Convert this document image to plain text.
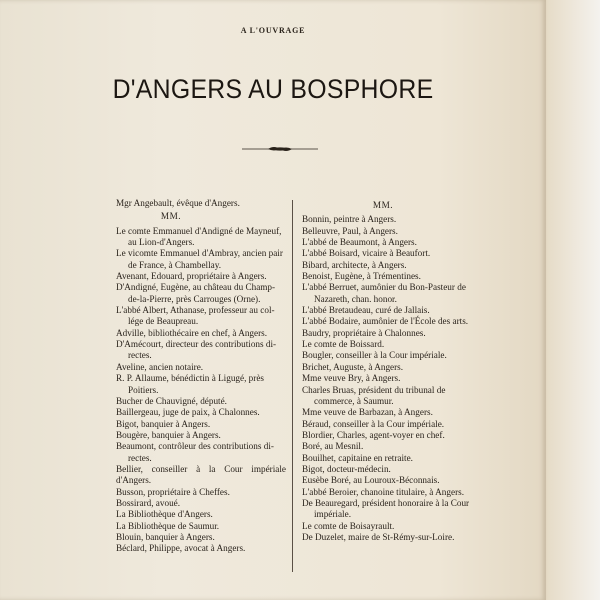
A L'OUVRAGE
D'ANGERS AU BOSPHORE
Mgr Angebault, évêque d'Angers.
MM.
Le comte Emmanuel d'Andigné de Mayneuf,
au Lion-d'Angers.
Le vicomte Emmanuel d'Ambray, ancien pair
de France, à Chambellay.
Avenant, Edouard, propriétaire à Angers.
D'Andigné, Eugène, au château du Champ-
de-la-Pierre, près Carrouges (Orne).
L'abbé Albert, Athanase, professeur au col-
lége de Beaupreau.
Adville, bibliothécaire en chef, à Angers.
D'Amécourt, directeur des contributions di-
rectes.
Aveline, ancien notaire.
R. P. Allaume, bénédictin à Ligugé, près
Poitiers.
Bucher de Chauvigné, député.
Baillergeau, juge de paix, à Chalonnes.
Bigot, banquier à Angers.
Bougère, banquier à Angers.
Beaumont, contrôleur des contributions di-
rectes.
Bellier, conseiller à la Cour impériale d'Angers.
Busson, propriétaire à Cheffes.
Bossirard, avoué.
La Bibliothèque d'Angers.
La Bibliothèque de Saumur.
Blouin, banquier à Angers.
Béclard, Philippe, avocat à Angers.
MM.
Bonnin, peintre à Angers.
Belleuvre, Paul, à Angers.
L'abbé de Beaumont, à Angers.
L'abbé Boisard, vicaire à Beaufort.
Bibard, architecte, à Angers.
Benoist, Eugène, à Trémentines.
L'abbé Berruet, aumônier du Bon-Pasteur de
Nazareth, chan. honor.
L'abbé Bretaudeau, curé de Jallais.
L'abbé Bodaire, aumônier de l'École des arts.
Baudry, propriétaire à Chalonnes.
Le comte de Boissard.
Bougler, conseiller à la Cour impériale.
Brichet, Auguste, à Angers.
Mme veuve Bry, à Angers.
Charles Bruas, président du tribunal de
commerce, à Saumur.
Mme veuve de Barbazan, à Angers.
Béraud, conseiller à la Cour impériale.
Blordier, Charles, agent-voyer en chef.
Boré, au Mesnil.
Bouilhet, capitaine en retraite.
Bigot, docteur-médecin.
Eusèbe Boré, au Louroux-Béconnais.
L'abbé Beroier, chanoine titulaire, à Angers.
De Beauregard, président honoraire à la Cour
impériale.
Le comte de Boisayrault.
De Duzelet, maire de St-Rémy-sur-Loire.
